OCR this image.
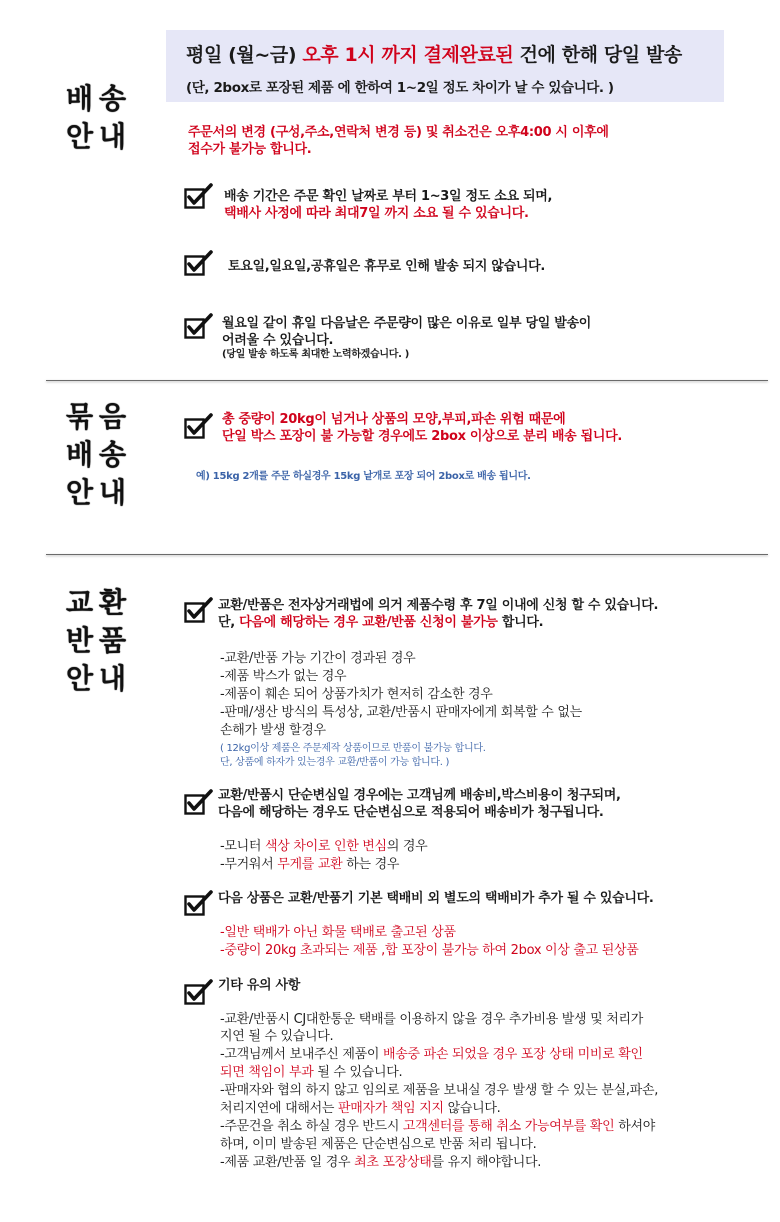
평일 (월~금) 오후 1시 까지 결제완료된 건에 한해 당일 발송
(단, 2box로 포장된 제품 에 한하여 1~2일 정도 차이가 날 수 있습니다. )
배송
안내	주문서의 변경 (구성,주소,연락처 변경 등) 및 취소건은 오후4:00 시 이후에
접수가 불가능 합니다.
배송 기간은 주문 확인 날짜로 부터 1~3일 정도 소요 되며,
택배사 사정에 따라 최대7일 까지 소요 될 수 있습니다.
토요일,일요일,공휴일은 휴무로 인해 발송 되지 않습니다.
월요일 같이 휴일 다음날은 주문량이 많은 이유로 일부 당일 발송이
어려울 수 있습니다.
(당일 발송 하도록 최대한 노력하겠습니다. )
묶음
배송
안내
총 중량이 20kg이 넘거나 상품의 모양,부피,파손 위험 때문에
단일 박스 포장이 불 가능할 경우에도 2box 이상으로 분리 배송 됩니다.
예) 15kg 2개를 주문 하실경우 15kg 낱개로 포장 되어 2box로 배송 됩니다.
교환
반품
안내
교환/반품은 전자상거래법에 의거 제품수령 후 7일 이내에 신청 할 수 있습니다.
단, 다음에 해당하는 경우 교환/반품 신청이 불가능 합니다.
-교환/반품 가능 기간이 경과된 경우
-제품 박스가 없는 경우
-제품이 훼손 되어 상품가치가 현저히 감소한 경우
-판매/생산 방식의 특성상, 교환/반품시 판매자에게 회복할 수 없는
손해가 발생 할경우
( 12kg이상 제품은 주문제작 상품이므로 반품이 불가능 합니다.
단, 상품에 하자가 있는경우 교환/반품이 가능 합니다. )
교환/반품시 단순변심일 경우에는 고객님께 배송비,박스비용이 청구되며,
다음에 해당하는 경우도 단순변심으로 적용되어 배송비가 청구됩니다.
-모니터 색상 차이로 인한 변심의 경우
-무거워서 무게를 교환 하는 경우
다음 상품은 교환/반품기 기본 택배비 외 별도의 택배비가 추가 될 수 있습니다.
-일반 택배가 아닌 화물 택배로 출고된 상품
-중량이 20kg 초과되는 제품 ,합 포장이 불가능 하여 2box 이상 출고 된상품
기타 유의 사항
-교환/반품시 CJ대한통운 택배를 이용하지 않을 경우 추가비용 발생 및 처리가
지연 될 수 있습니다.
-고객님께서 보내주신 제품이 배송중 파손 되었을 경우 포장 상태 미비로 확인
되면 책임이 부과 될 수 있습니다.
-판매자와 협의 하지 않고 임의로 제품을 보내실 경우 발생 할 수 있는 분실,파손,
처리지연에 대해서는 판매자가 책임 지지 않습니다.
-주문건을 취소 하실 경우 반드시 고객센터를 통해 취소 가능여부를 확인 하셔야
하며, 이미 발송된 제품은 단순변심으로 반품 처리 됩니다.
-제품 교환/반품 일 경우 최초 포장상태를 유지 해야합니다.
